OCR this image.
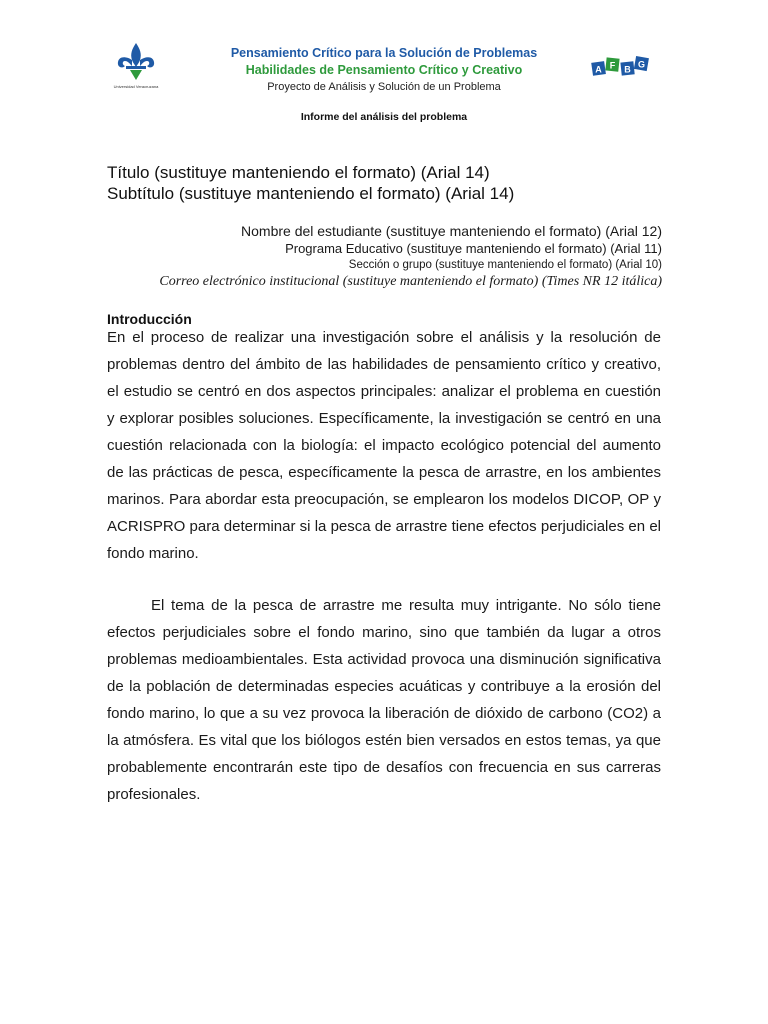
Universidad Veracruzana
Pensamiento Crítico para la Solución de Problemas
Habilidades de Pensamiento Crítico y Creativo
Proyecto de Análisis y Solución de un Problema
A F B G
Informe del análisis del problema
Título (sustituye manteniendo el formato) (Arial 14)
Subtítulo (sustituye manteniendo el formato) (Arial 14)
Nombre del estudiante (sustituye manteniendo el formato) (Arial 12)
Programa Educativo (sustituye manteniendo el formato) (Arial 11)
Sección o grupo (sustituye manteniendo el formato) (Arial 10)
Correo electrónico institucional (sustituye manteniendo el formato) (Times NR 12 itálica)
Introducción

En el proceso de realizar una investigación sobre el análisis y la resolución de problemas dentro del ámbito de las habilidades de pensamiento crítico y creativo, el estudio se centró en dos aspectos principales: analizar el problema en cuestión y explorar posibles soluciones. Específicamente, la investigación se centró en una cuestión relacionada con la biología: el impacto ecológico potencial del aumento de las prácticas de pesca, específicamente la pesca de arrastre, en los ambientes marinos. Para abordar esta preocupación, se emplearon los modelos DICOP, OP y ACRISPRO para determinar si la pesca de arrastre tiene efectos perjudiciales en el fondo marino.

El tema de la pesca de arrastre me resulta muy intrigante. No sólo tiene efectos perjudiciales sobre el fondo marino, sino que también da lugar a otros problemas medioambientales. Esta actividad provoca una disminución significativa de la población de determinadas especies acuáticas y contribuye a la erosión del fondo marino, lo que a su vez provoca la liberación de dióxido de carbono (CO2) a la atmósfera. Es vital que los biólogos estén bien versados en estos temas, ya que probablemente encontrarán este tipo de desafíos con frecuencia en sus carreras profesionales.
